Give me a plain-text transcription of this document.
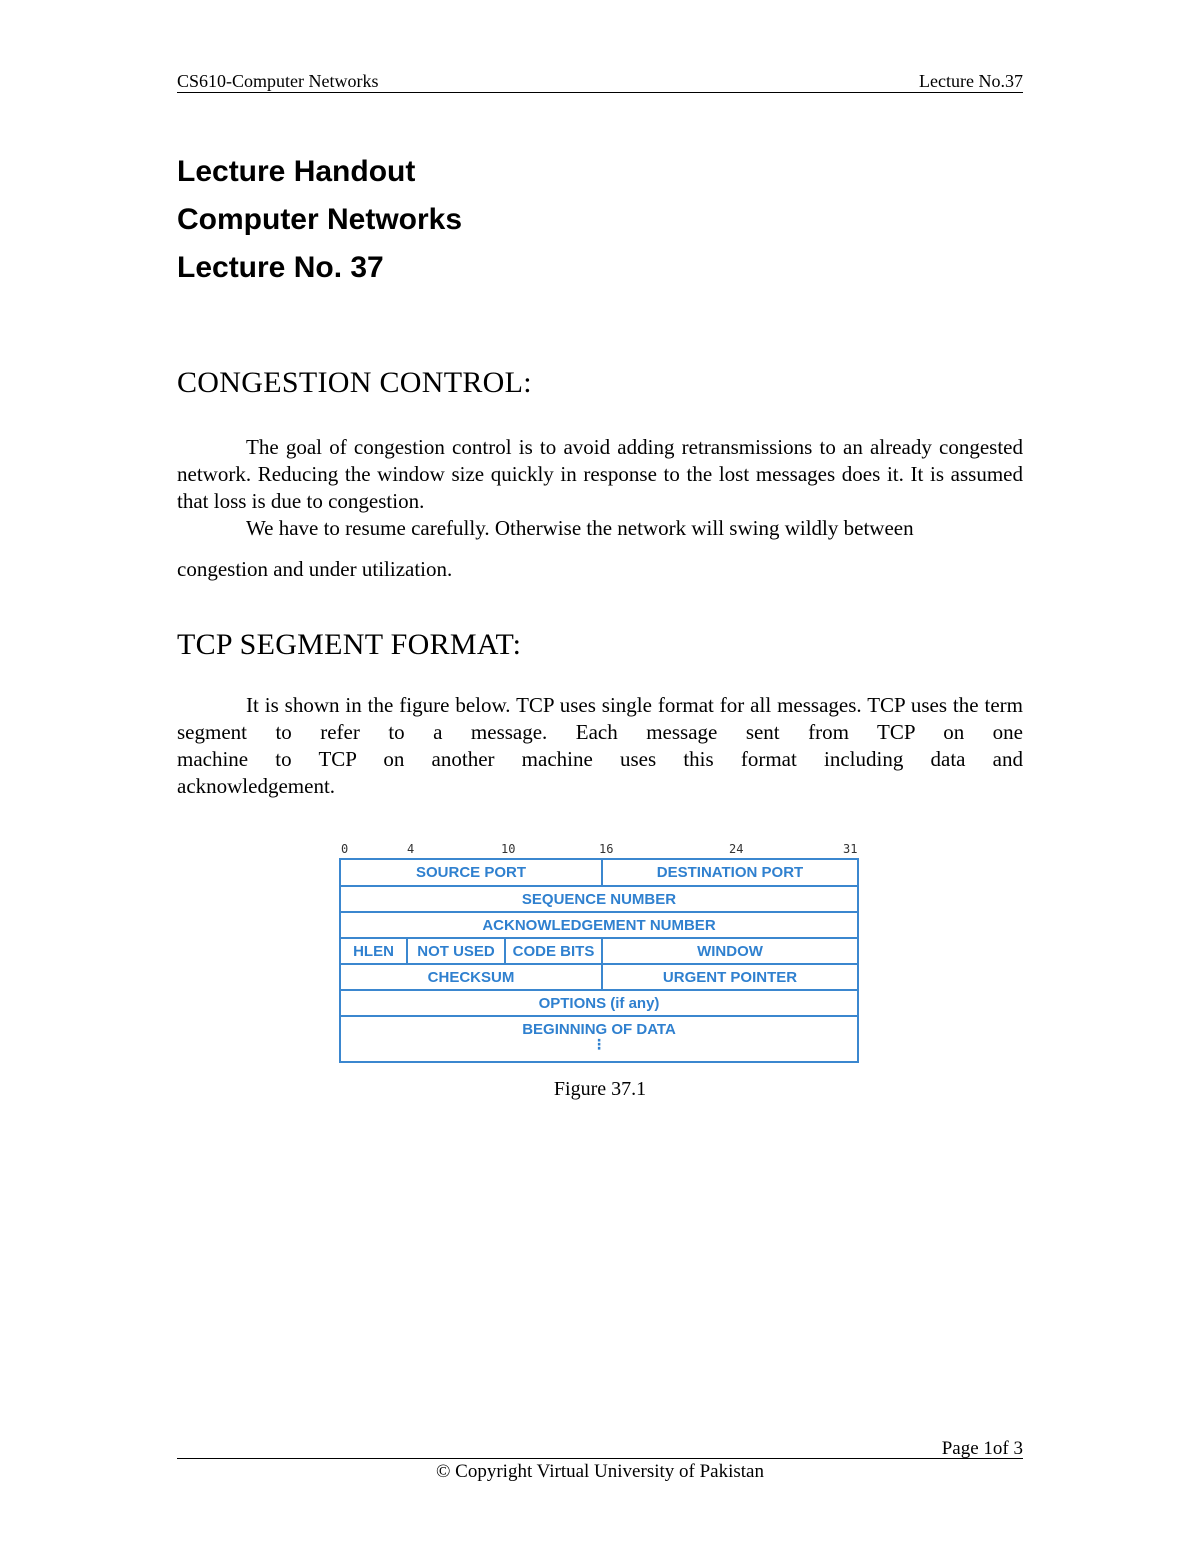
CS610-Computer Networks	Lecture No.37
Lecture Handout
Computer Networks
Lecture No. 37
CONGESTION CONTROL:
The goal of congestion control is to avoid adding retransmissions to an already congested network. Reducing the window size quickly in response to the lost messages does it. It is assumed that loss is due to congestion.
We have to resume carefully. Otherwise the network will swing wildly between
congestion and under utilization.
TCP SEGMENT FORMAT:
It is shown in the figure below. TCP uses single format for all messages. TCP uses the term segment to refer to a message. Each message sent from TCP on one
machine to TCP on another machine uses this format including data and
acknowledgement.
0	4	10	16	24	31
SOURCE PORT	DESTINATION PORT
SEQUENCE NUMBER
ACKNOWLEDGEMENT NUMBER
HLEN	NOT USED	CODE BITS	WINDOW
CHECKSUM	URGENT POINTER
OPTIONS (if any)
BEGINNING OF DATA
⋮
Figure 37.1
Page 1of 3
© Copyright Virtual University of Pakistan
